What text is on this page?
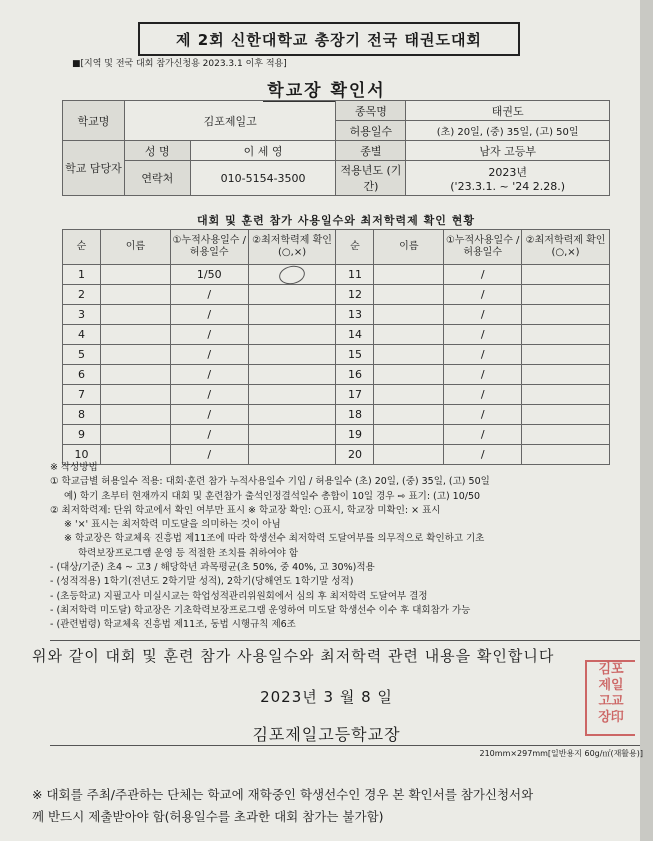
제 2회 신한대학교 총장기 전국 태권도대회
■[지역 및 전국 대회 참가신청용 2023.3.1 이후 적용]
학교장 확인서
학교명	김포제일고		종목명	태권도
			허용일수	(초) 20일, (중) 35일, (고) 50일
학교 담당자	성 명	이 세 영	종별	남자 고등부
	연락처	010-5154-3500	적용년도 (기간)	2023년
('23.3.1. ~ '24 2.28.)
대회 및 훈련 참가 사용일수와 최저학력제 확인 현황
순	이름	①누적사용일수 /허용일수	②최저학력제 확인(○,×)	순	이름	①누적사용일수 /허용일수	②최저학력제 확인(○,×)
1		1/50		11		/	
2		/		12		/	
3		/		13		/	
4		/		14		/	
5		/		15		/	
6		/		16		/	
7		/		17		/	
8		/		18		/	
9		/		19		/	
10		/		20		/	
※ 작성방법
① 학교급별 허용일수 적용: 대회·훈련 참가 누적사용일수 기입 / 허용일수 (초) 20일, (중) 35일, (고) 50일
예) 학기 초부터 현재까지 대회 및 훈련참가 출석인정결석일수 총합이 10일 경우 ⇨ 표기: (고) 10/50
② 최저학력제: 단위 학교에서 확인 여부만 표시 ※ 학교장 확인: ○표시, 학교장 미확인: × 표시
※ '×' 표시는 최저학력 미도달을 의미하는 것이 아님
※ 학교장은 학교체육 진흥법 제11조에 따라 학생선수 최저학력 도달여부를 의무적으로 확인하고 기초
학력보장프로그램 운영 등 적절한 조치를 취하여야 함
- (대상/기준) 초4 ~ 고3 / 해당학년 과목평균(초 50%, 중 40%, 고 30%)적용
- (성적적용) 1학기(전년도 2학기말 성적), 2학기(당해연도 1학기말 성적)
- (초등학교) 지필고사 미실시교는 학업성적관리위원회에서 심의 후 최저학력 도달여부 결정
- (최저학력 미도달) 학교장은 기초학력보장프로그램 운영하여 미도달 학생선수 이수 후 대회참가 가능
- (관련법령) 학교체육 진흥법 제11조, 동법 시행규칙 제6조
위와 같이 대회 및 훈련 참가 사용일수와 최저학력 관련 내용을 확인합니다
2023년 3 월 8 일
김포제일고등학교장
김포
제일
고교
장印
210mm×297mm[일반용지 60g/㎡(재활용)]
※ 대회를 주최/주관하는 단체는 학교에 재학중인 학생선수인 경우 본 확인서를 참가신청서와
께 반드시 제출받아야 함(허용일수를 초과한 대회 참가는 불가함)
